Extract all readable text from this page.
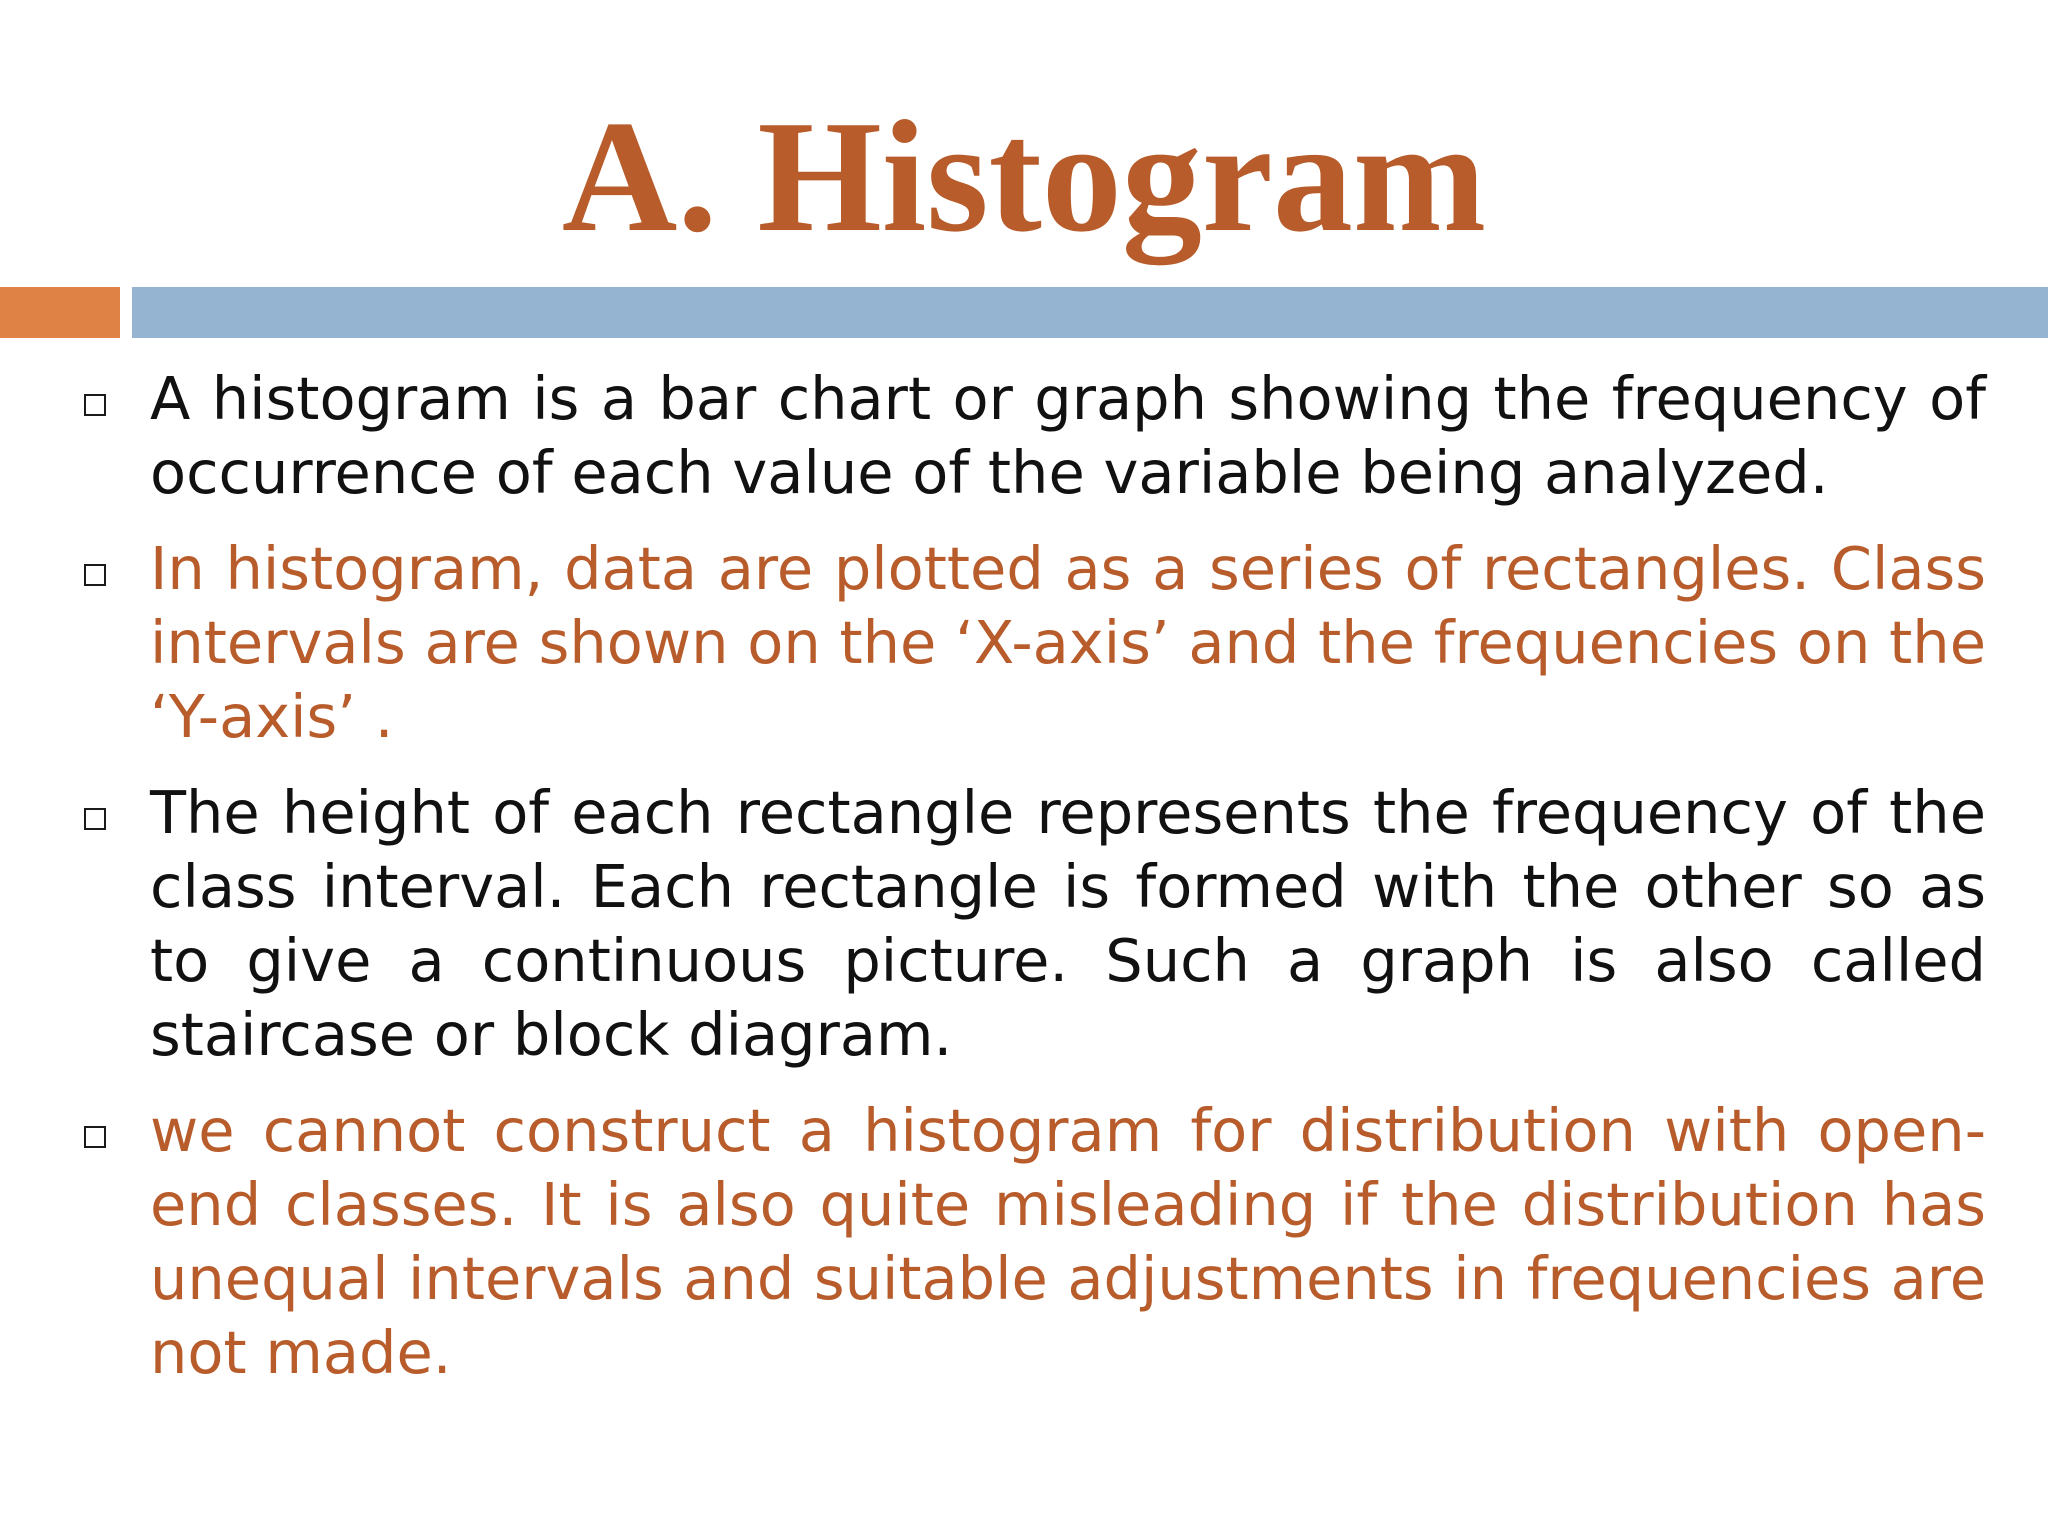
A. Histogram
A histogram is a bar chart or graph showing the frequency of occurrence of each value of the variable being analyzed.
In histogram, data are plotted as a series of rectangles. Class intervals are shown on the ‘X-axis’ and the frequencies on the ‘Y-axis’ .
The height of each rectangle represents the frequency of the class interval. Each rectangle is formed with the other so as to give a continuous picture. Such a graph is also called staircase or block diagram.
we cannot construct a histogram for distribution with open-end classes. It is also quite misleading if the distribution has unequal intervals and suitable adjustments in frequencies are not made.
